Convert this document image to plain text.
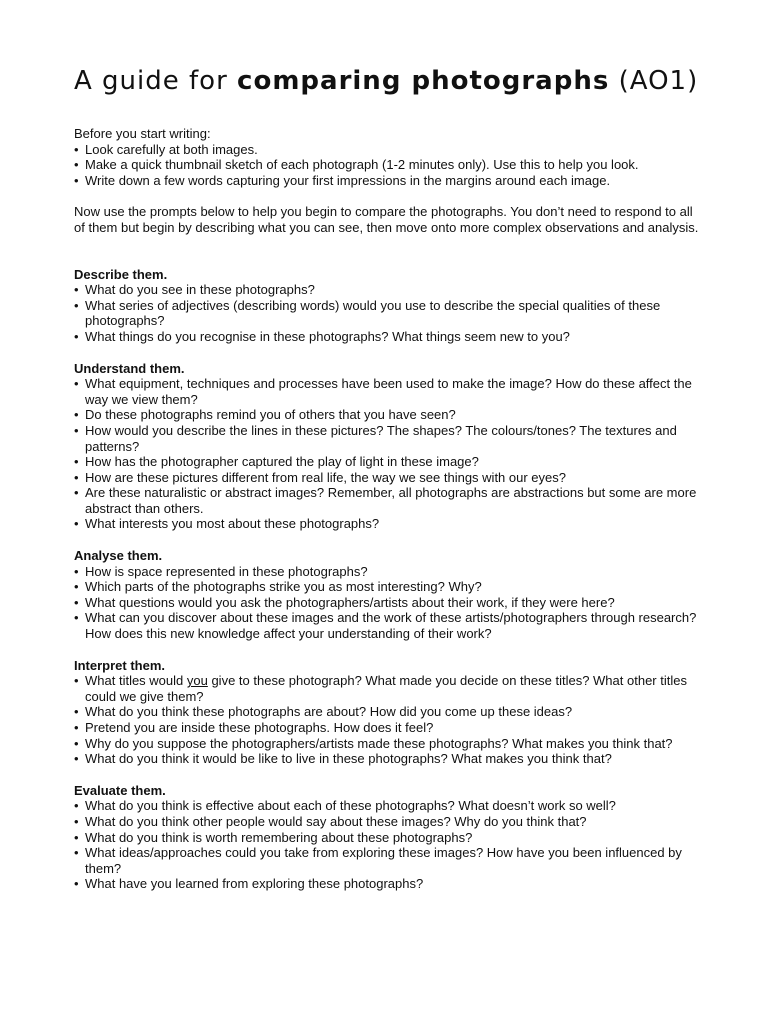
A guide for comparing photographs (AO1)

Before you start writing:

• Look carefully at both images.
• Make a quick thumbnail sketch of each photograph (1-2 minutes only). Use this to help you look.
• Write down a few words capturing your first impressions in the margins around each image.

Now use the prompts below to help you begin to compare the photographs. You don’t need to respond to all of them but begin by describing what you can see, then move onto more complex observations and analysis.

Describe them.

• What do you see in these photographs?
• What series of adjectives (describing words) would you use to describe the special qualities of these photographs?
• What things do you recognise in these photographs? What things seem new to you?

Understand them.

• What equipment, techniques and processes have been used to make the image? How do these affect the way we view them?
• Do these photographs remind you of others that you have seen?
• How would you describe the lines in these pictures? The shapes? The colours/tones? The textures and patterns?
• How has the photographer captured the play of light in these image?
• How are these pictures different from real life, the way we see things with our eyes?
• Are these naturalistic or abstract images? Remember, all photographs are abstractions but some are more abstract than others.
• What interests you most about these photographs?

Analyse them.

• How is space represented in these photographs?
• Which parts of the photographs strike you as most interesting? Why?
• What questions would you ask the photographers/artists about their work, if they were here?
• What can you discover about these images and the work of these artists/photographers through research? How does this new knowledge affect your understanding of their work?

Interpret them.

• What titles would you give to these photograph? What made you decide on these titles? What other titles could we give them?
• What do you think these photographs are about? How did you come up these ideas?
• Pretend you are inside these photographs. How does it feel?
• Why do you suppose the photographers/artists made these photographs? What makes you think that?
• What do you think it would be like to live in these photographs? What makes you think that?

Evaluate them.

• What do you think is effective about each of these photographs? What doesn’t work so well?
• What do you think other people would say about these images? Why do you think that?
• What do you think is worth remembering about these photographs?
• What ideas/approaches could you take from exploring these images? How have you been influenced by them?
• What have you learned from exploring these photographs?
